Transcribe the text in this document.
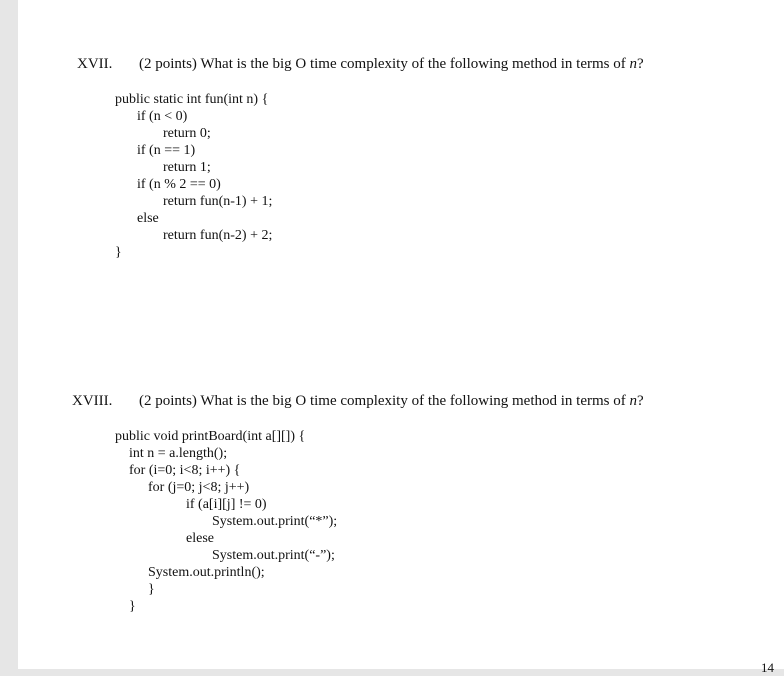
XVII. (2 points) What is the big O time complexity of the following method in terms of n?
public static int fun(int n) {
if (n < 0)
return 0;
if (n == 1)
return 1;
if (n % 2 == 0)
return fun(n-1) + 1;
else
return fun(n-2) + 2;
}
XVIII. (2 points) What is the big O time complexity of the following method in terms of n?
public void printBoard(int a[][]) {
int n = a.length();
for (i=0; i<8; i++) {
for (j=0; j<8; j++)
if (a[i][j] != 0)
System.out.print(“*”);
elese
System.out.print(“-”);
System.out.println();
}
}
14
